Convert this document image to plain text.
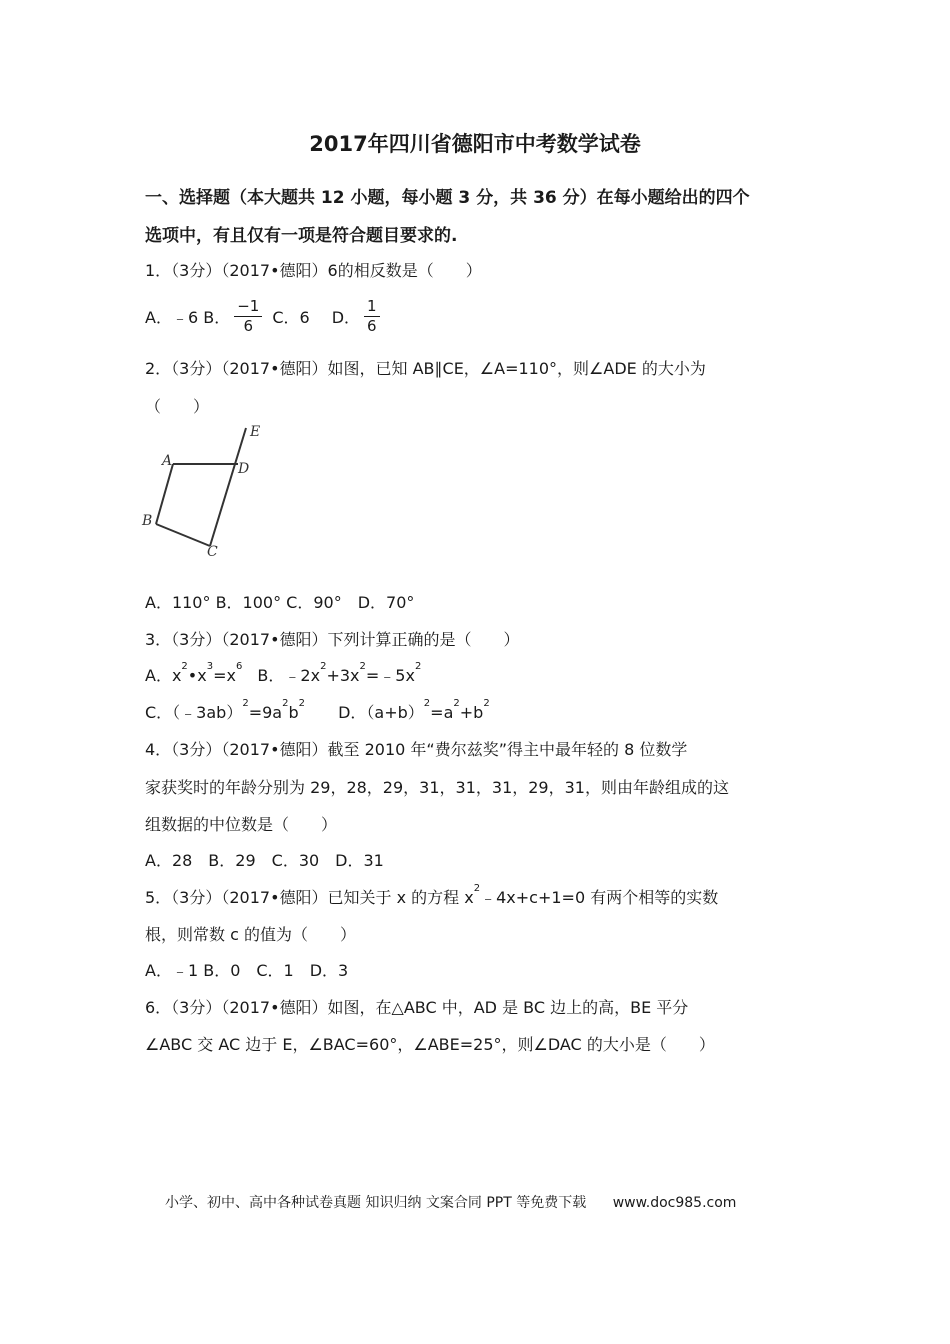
2017年四川省德阳市中考数学试卷
一、选择题（本大题共 12 小题，每小题 3 分，共 36 分）在每小题给出的四个
选项中，有且仅有一项是符合题目要求的.
1．（3分）（2017•德阳）6的相反数是（　　）
A．﹣6 B． $\frac{-1}{6}$ C．6 D． $\frac{1}{6}$
2．（3分）（2017•德阳）如图，已知 AB∥CE，∠A=110°，则∠ADE 的大小为
（　　）
A
B
C
D
E
A．110° B．100° C．90°　D．70°
3．（3分）（2017•德阳）下列计算正确的是（　　）
A．$x^2•x^3=x^6$ B．$﹣2x^2+3x^2=﹣5x^2$
C．$(﹣3ab)^2=9a^2b^2$ D．$(a+b)^2=a^2+b^2$
4．（3分）（2017•德阳）截至 2010 年“费尔兹奖”得主中最年轻的 8 位数学
家获奖时的年龄分别为 29，28，29，31，31，31，29，31，则由年龄组成的这
组数据的中位数是（　　）
A．28　B．29　C．30　D．31
5．（3分）（2017•德阳）已知关于 x 的方程 $x^2﹣4x+c+1=0$ 有两个相等的实数
根，则常数 c 的值为（　　）
A．﹣1 B．0　C．1　D．3
6．（3分）（2017•德阳）如图，在△ABC 中，AD 是 BC 边上的高，BE 平分
∠ABC 交 AC 边于 E，∠BAC=60°，∠ABE=25°，则∠DAC 的大小是（　　）
小学、初中、高中各种试卷真题 知识归纳 文案合同 PPT 等免费下载 www.doc985.com
